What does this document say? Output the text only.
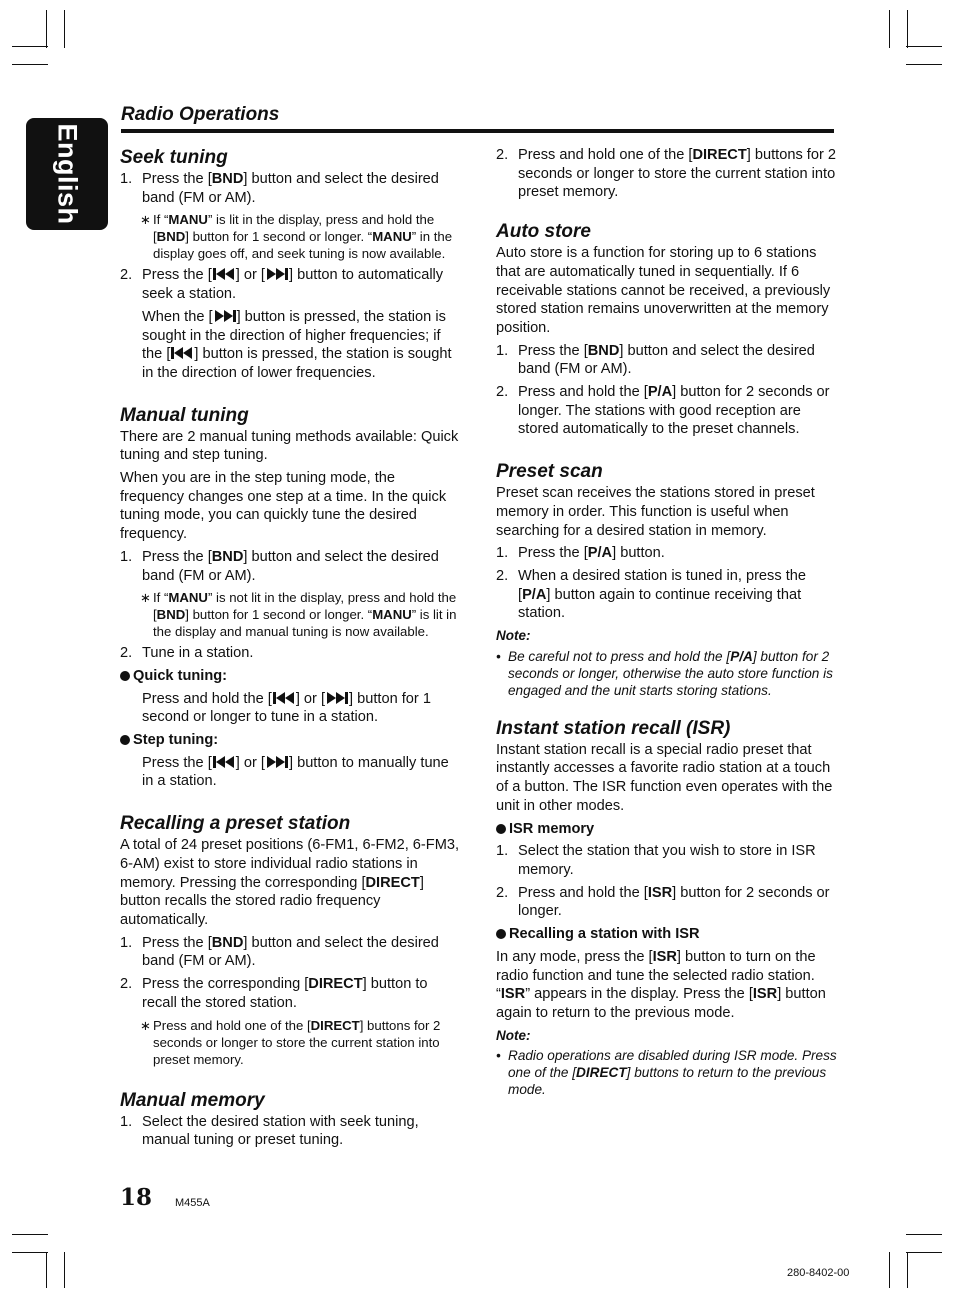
English
Radio Operations
Seek tuning
1. Press the [BND] button and select the desired band (FM or AM).
∗ If “MANU” is lit in the display, press and hold the [BND] button for 1 second or longer. “MANU” in the display goes off, and seek tuning is now available.
2. Press the [ ] or [ ] button to automatically seek a station.
When the [ ] button is pressed, the station is sought in the direction of higher frequencies; if the [ ] button is pressed, the station is sought in the direction of lower frequencies.
Manual tuning

There are 2 manual tuning methods available: Quick tuning and step tuning.

When you are in the step tuning mode, the frequency changes one step at a time. In the quick tuning mode, you can quickly tune the desired frequency.

1. Press the [BND] button and select the desired band (FM or AM).
∗ If “MANU” is not lit in the display, press and hold the [BND] button for 1 second or longer. “MANU” is lit in the display and manual tuning is now available.
2. Tune in a station.
Quick tuning:
Press and hold the [ ] or [ ] button for 1 second or longer to tune in a station.
Step tuning:
Press the [ ] or [ ] button to manually tune in a station.
Recalling a preset station

A total of 24 preset positions (6-FM1, 6-FM2, 6-FM3, 6-AM) exist to store individual radio stations in memory. Pressing the corresponding [DIRECT] button recalls the stored radio frequency automatically.

1. Press the [BND] button and select the desired band (FM or AM).
2. Press the corresponding [DIRECT] button to recall the stored station.
∗ Press and hold one of the [DIRECT] buttons for 2 seconds or longer to store the current station into preset memory.
Manual memory
1. Select the desired station with seek tuning, manual tuning or preset tuning.
2. Press and hold one of the [DIRECT] buttons for 2 seconds or longer to store the current station into preset memory.
Auto store

Auto store is a function for storing up to 6 stations that are automatically tuned in sequentially. If 6 receivable stations cannot be received, a previously stored station remains unoverwritten at the memory position.

1. Press the [BND] button and select the desired band (FM or AM).
2. Press and hold the [P/A] button for 2 seconds or longer. The stations with good reception are stored automatically to the preset channels.
Preset scan

Preset scan receives the stations stored in preset memory in order. This function is useful when searching for a desired station in memory.

1. Press the [P/A] button.
2. When a desired station is tuned in, press the [P/A] button again to continue receiving that station.
Note:
• Be careful not to press and hold the [P/A] button for 2 seconds or longer, otherwise the auto store function is engaged and the unit starts storing stations.
Instant station recall (ISR)

Instant station recall is a special radio preset that instantly accesses a favorite radio station at a touch of a button. The ISR function even operates with the unit in other modes.

ISR memory
1. Select the station that you wish to store in ISR memory.
2. Press and hold the [ISR] button for 2 seconds or longer.
Recalling a station with ISR

In any mode, press the [ISR] button to turn on the radio function and tune the selected radio station. “ISR” appears in the display. Press the [ISR] button again to return to the previous mode.

Note:
• Radio operations are disabled during ISR mode. Press one of the [DIRECT] buttons to return to the previous mode.
18 M455A
280-8402-00
